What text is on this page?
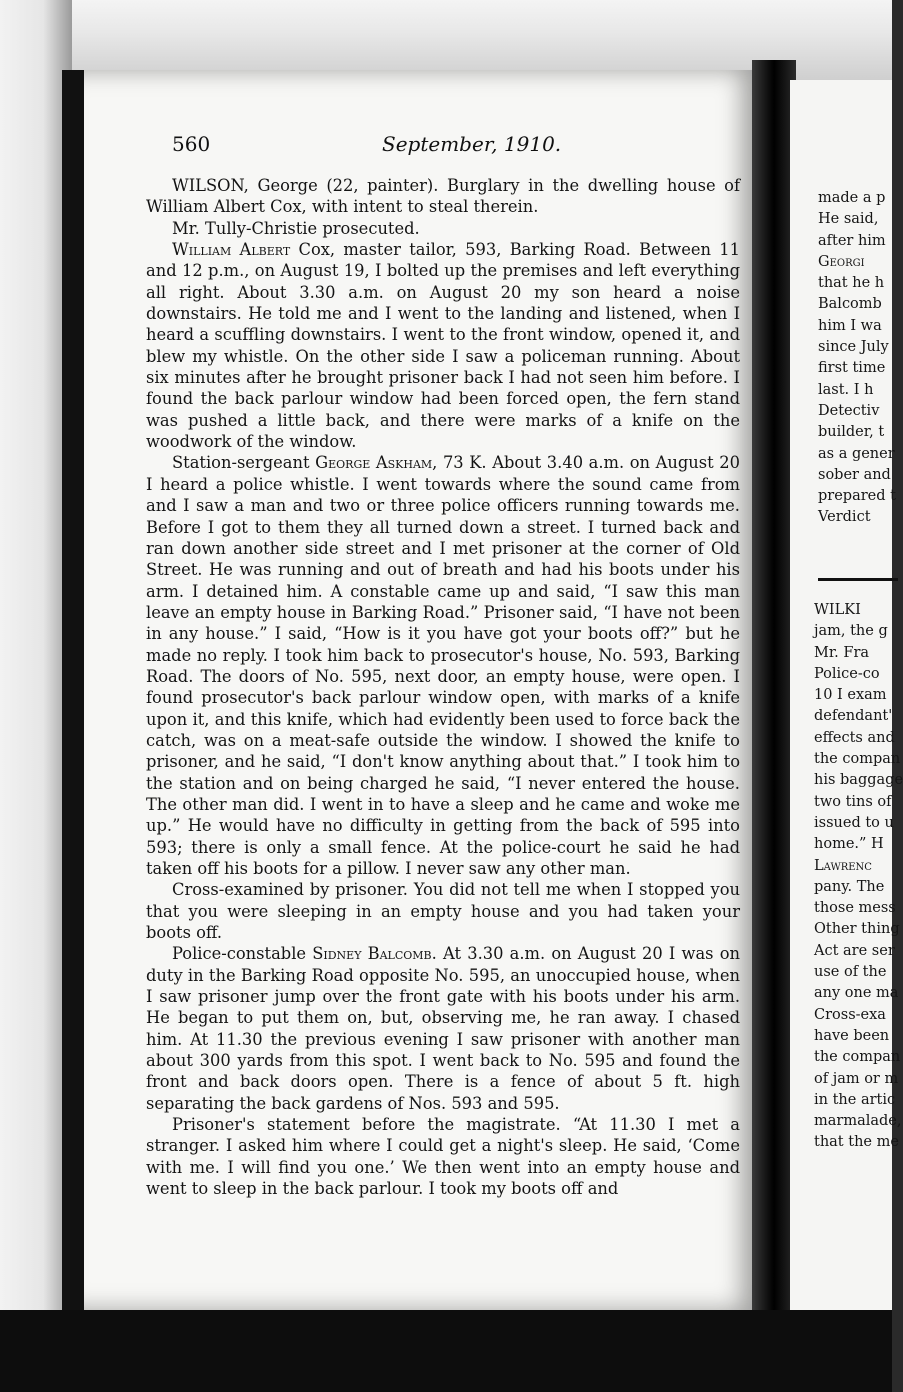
560	September, 1910.

WILSON, George (22, painter). Burglary in the dwelling house of William Albert Cox, with intent to steal therein.

Mr. Tully-Christie prosecuted.

William Albert Cox, master tailor, 593, Barking Road. Between 11 and 12 p.m., on August 19, I bolted up the premises and left everything all right. About 3.30 a.m. on August 20 my son heard a noise downstairs. He told me and I went to the landing and listened, when I heard a scuffling downstairs. I went to the front window, opened it, and blew my whistle. On the other side I saw a policeman running. About six minutes after he brought prisoner back I had not seen him before. I found the back parlour window had been forced open, the fern stand was pushed a little back, and there were marks of a knife on the woodwork of the window.

Station-sergeant George Askham, 73 K. About 3.40 a.m. on August 20 I heard a police whistle. I went towards where the sound came from and I saw a man and two or three police officers running towards me. Before I got to them they all turned down a street. I turned back and ran down another side street and I met prisoner at the corner of Old Street. He was running and out of breath and had his boots under his arm. I detained him. A constable came up and said, “I saw this man leave an empty house in Barking Road.” Prisoner said, “I have not been in any house.” I said, “How is it you have got your boots off?” but he made no reply. I took him back to prosecutor's house, No. 593, Barking Road. The doors of No. 595, next door, an empty house, were open. I found prosecutor's back parlour window open, with marks of a knife upon it, and this knife, which had evidently been used to force back the catch, was on a meat-safe outside the window. I showed the knife to prisoner, and he said, “I don't know anything about that.” I took him to the station and on being charged he said, “I never entered the house. The other man did. I went in to have a sleep and he came and woke me up.” He would have no difficulty in getting from the back of 595 into 593; there is only a small fence. At the police-court he said he had taken off his boots for a pillow. I never saw any other man.

Cross-examined by prisoner. You did not tell me when I stopped you that you were sleeping in an empty house and you had taken your boots off.

Police-constable Sidney Balcomb. At 3.30 a.m. on August 20 I was on duty in the Barking Road opposite No. 595, an unoccupied house, when I saw prisoner jump over the front gate with his boots under his arm. He began to put them on, but, observing me, he ran away. I chased him. At 11.30 the previous evening I saw prisoner with another man about 300 yards from this spot. I went back to No. 595 and found the front and back doors open. There is a fence of about 5 ft. high separating the back gardens of Nos. 593 and 595.

Prisoner's statement before the magistrate. “At 11.30 I met a stranger. I asked him where I could get a night's sleep. He said, ‘Come with me. I will find you one.’ We then went into an empty house and went to sleep in the back parlour. I took my boots off and

made a p
He said,
after him
Georgi
that he h
Balcomb
him I wa
since July
first time
last. I h
Detectiv
builder, t
as a gener
sober and
prepared t
Verdict
WILKI
jam, the g
Mr. Fra
Police-co
10 I exam
defendant'
effects and
the compan
his baggage
two tins of
issued to u
home.” H
Lawrenc
pany. The
those mess
Other thing
Act are ser
use of the
any one ma
Cross-exa
have been
the compan
of jam or m
in the artic
marmalade,
that the me
